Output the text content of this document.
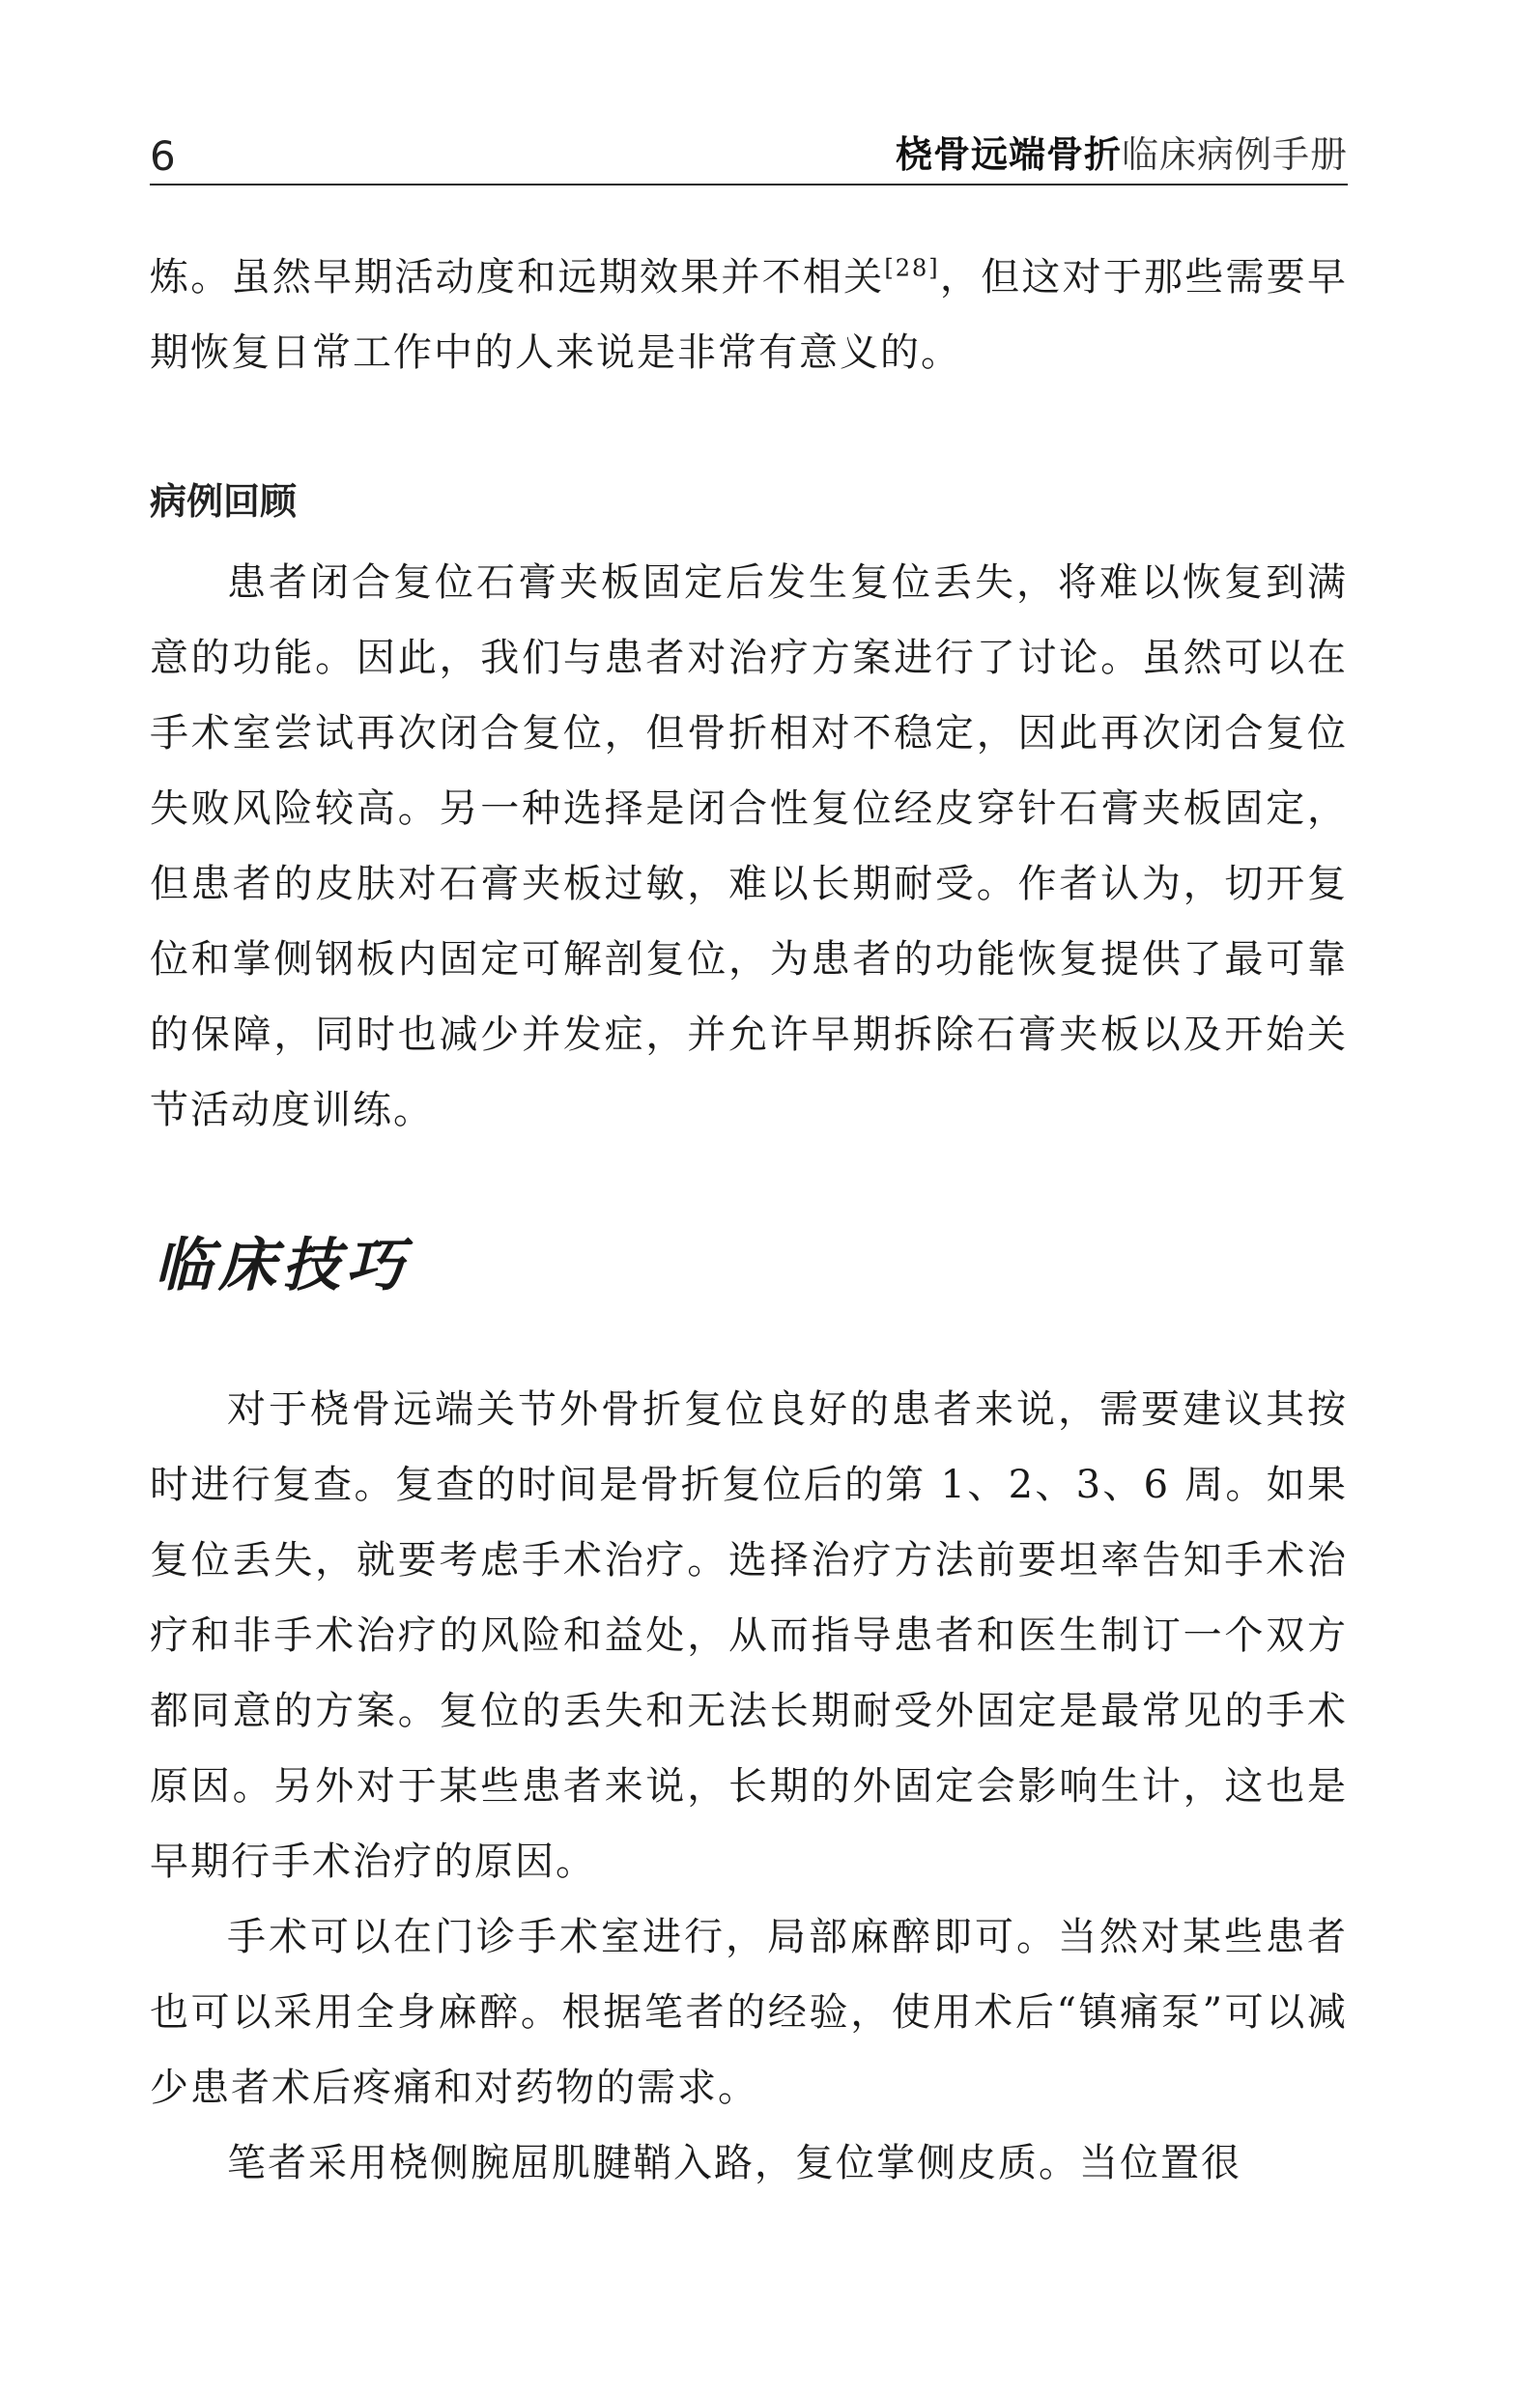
6	桡骨远端骨折临床病例手册

炼。虽然早期活动度和远期效果并不相关[28]，但这对于那些需要早期恢复日常工作中的人来说是非常有意义的。

病例回顾

患者闭合复位石膏夹板固定后发生复位丢失，将难以恢复到满意的功能。因此，我们与患者对治疗方案进行了讨论。虽然可以在手术室尝试再次闭合复位，但骨折相对不稳定，因此再次闭合复位失败风险较高。另一种选择是闭合性复位经皮穿针石膏夹板固定，但患者的皮肤对石膏夹板过敏，难以长期耐受。作者认为，切开复位和掌侧钢板内固定可解剖复位，为患者的功能恢复提供了最可靠的保障，同时也减少并发症，并允许早期拆除石膏夹板以及开始关节活动度训练。

临床技巧

对于桡骨远端关节外骨折复位良好的患者来说，需要建议其按时进行复查。复查的时间是骨折复位后的第 1、2、3、6 周。如果复位丢失，就要考虑手术治疗。选择治疗方法前要坦率告知手术治疗和非手术治疗的风险和益处，从而指导患者和医生制订一个双方都同意的方案。复位的丢失和无法长期耐受外固定是最常见的手术原因。另外对于某些患者来说，长期的外固定会影响生计，这也是早期行手术治疗的原因。

手术可以在门诊手术室进行，局部麻醉即可。当然对某些患者也可以采用全身麻醉。根据笔者的经验，使用术后“镇痛泵”可以减少患者术后疼痛和对药物的需求。

笔者采用桡侧腕屈肌腱鞘入路，复位掌侧皮质。当位置很
